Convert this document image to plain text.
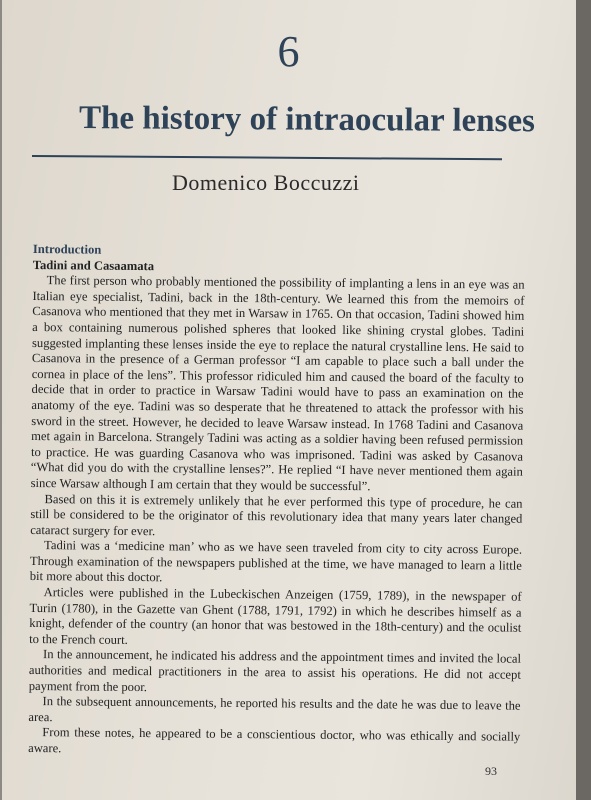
6
The history of intraocular lenses
Domenico Boccuzzi
Introduction
Tadini and Casaamata

The first person who probably mentioned the possibility of implanting a lens in an eye was an Italian eye specialist, Tadini, back in the 18th-century. We learned this from the memoirs of Casanova who mentioned that they met in Warsaw in 1765. On that occasion, Tadini showed him a box containing numerous polished spheres that looked like shining crystal globes. Tadini suggested implanting these lenses inside the eye to replace the natural crystalline lens. He said to Casanova in the presence of a German professor “I am capable to place such a ball under the cornea in place of the lens”. This professor ridiculed him and caused the board of the faculty to decide that in order to practice in Warsaw Tadini would have to pass an examination on the anatomy of the eye. Tadini was so desperate that he threatened to attack the professor with his sword in the street. However, he decided to leave Warsaw instead. In 1768 Tadini and Casanova met again in Barcelona. Strangely Tadini was acting as a soldier having been refused permission to practice. He was guarding Casanova who was imprisoned. Tadini was asked by Casanova “What did you do with the crystalline lenses?”. He replied “I have never mentioned them again since Warsaw although I am certain that they would be successful”.

Based on this it is extremely unlikely that he ever performed this type of procedure, he can still be considered to be the originator of this revolutionary idea that many years later changed cataract surgery for ever.

Tadini was a ‘medicine man’ who as we have seen traveled from city to city across Europe. Through examination of the newspapers published at the time, we have managed to learn a little bit more about this doctor.

Articles were published in the Lubeckischen Anzeigen (1759, 1789), in the newspaper of Turin (1780), in the Gazette van Ghent (1788, 1791, 1792) in which he describes himself as a knight, defender of the country (an honor that was bestowed in the 18th-century) and the oculist to the French court.

In the announcement, he indicated his address and the appointment times and invited the local authorities and medical practitioners in the area to assist his operations. He did not accept payment from the poor.

In the subsequent announcements, he reported his results and the date he was due to leave the area.

From these notes, he appeared to be a conscientious doctor, who was ethically and socially aware.

93
